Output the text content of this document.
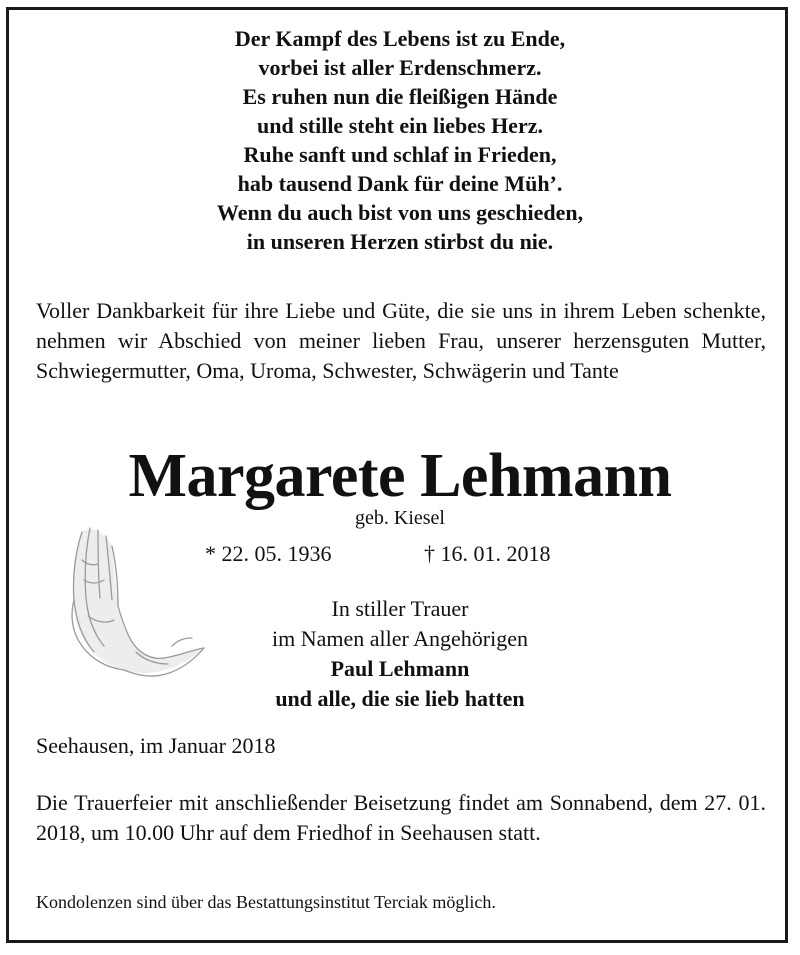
Der Kampf des Lebens ist zu Ende,
vorbei ist aller Erdenschmerz.
Es ruhen nun die fleißigen Hände
und stille steht ein liebes Herz.
Ruhe sanft und schlaf in Frieden,
hab tausend Dank für deine Müh’.
Wenn du auch bist von uns geschieden,
in unseren Herzen stirbst du nie.
Voller Dankbarkeit für ihre Liebe und Güte, die sie uns in ihrem Leben schenkte, nehmen wir Abschied von meiner lieben Frau, unserer herzensguten Mutter, Schwiegermutter, Oma, Uroma, Schwester, Schwägerin und Tante
Margarete Lehmann
geb. Kiesel
* 22. 05. 1936	† 16. 01. 2018
In stiller Trauer
im Namen aller Angehörigen
Paul Lehmann
und alle, die sie lieb hatten
Seehausen, im Januar 2018
Die Trauerfeier mit anschließender Beisetzung findet am Sonnabend, dem 27. 01. 2018, um 10.00 Uhr auf dem Friedhof in Seehausen statt.
Kondolenzen sind über das Bestattungsinstitut Terciak möglich.
